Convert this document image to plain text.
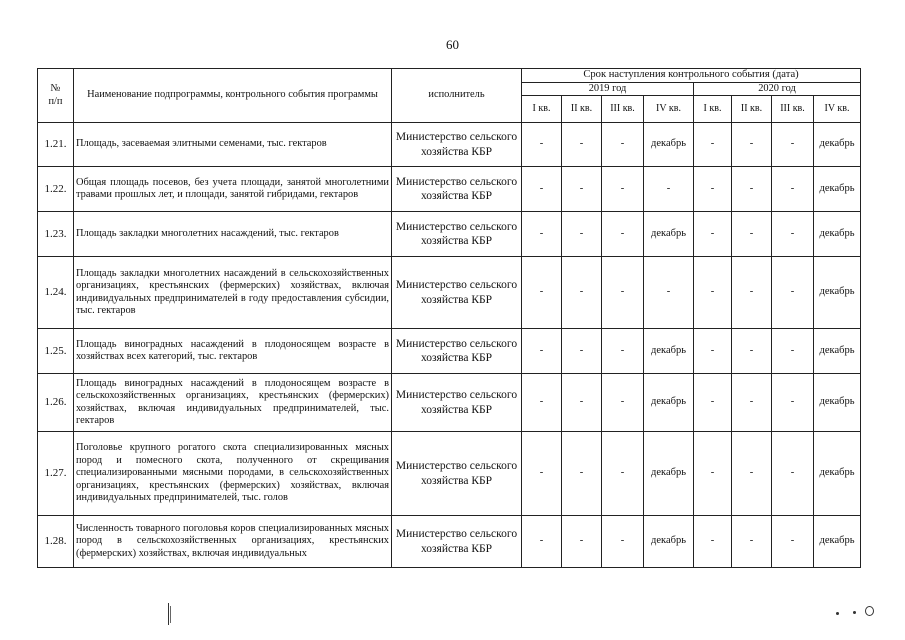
60
№
п/п	Наименование подпрограммы, контрольного события программы	исполнитель	Срок наступления контрольного события (дата)							
			2019 год				2020 год			
			I кв.	II кв.	III кв.	IV кв.	I кв.	II кв.	III кв.	IV кв.
1.21.	Площадь, засеваемая элитными семенами, тыс. гектаров	Министерство сельского хозяйства КБР	-	-	-	декабрь	-	-	-	декабрь
1.22.	Общая площадь посевов, без учета площади, занятой многолетними травами прошлых лет, и площади, занятой гибридами, гектаров	Министерство сельского хозяйства КБР	-	-	-	-	-	-	-	декабрь
1.23.	Площадь закладки многолетних насаждений, тыс. гектаров	Министерство сельского хозяйства КБР	-	-	-	декабрь	-	-	-	декабрь
1.24.	Площадь закладки многолетних насаждений в сельскохозяйственных организациях, крестьянских (фермерских) хозяйствах, включая индивидуальных предпринимателей в году предоставления субсидии, тыс. гектаров	Министерство сельского хозяйства КБР	-	-	-	-	-	-	-	декабрь
1.25.	Площадь виноградных насаждений в плодоносящем возрасте в хозяйствах всех категорий, тыс. гектаров	Министерство сельского хозяйства КБР	-	-	-	декабрь	-	-	-	декабрь
1.26.	Площадь виноградных насаждений в плодоносящем возрасте в сельскохозяйственных организациях, крестьянских (фермерских) хозяйствах, включая индивидуальных предпринимателей, тыс. гектаров	Министерство сельского хозяйства КБР	-	-	-	декабрь	-	-	-	декабрь
1.27.	Поголовье крупного рогатого скота специализированных мясных пород и помесного скота, полученного от скрещивания специализированными мясными породами, в сельскохозяйственных организациях, крестьянских (фермерских) хозяйствах, включая индивидуальных предпринимателей, тыс. голов	Министерство сельского хозяйства КБР	-	-	-	декабрь	-	-	-	декабрь
1.28.	Численность товарного поголовья коров специализированных мясных пород в сельскохозяйственных организациях, крестьянских (фермерских) хозяйствах, включая индивидуальных	Министерство сельского хозяйства КБР	-	-	-	декабрь	-	-	-	декабрь
